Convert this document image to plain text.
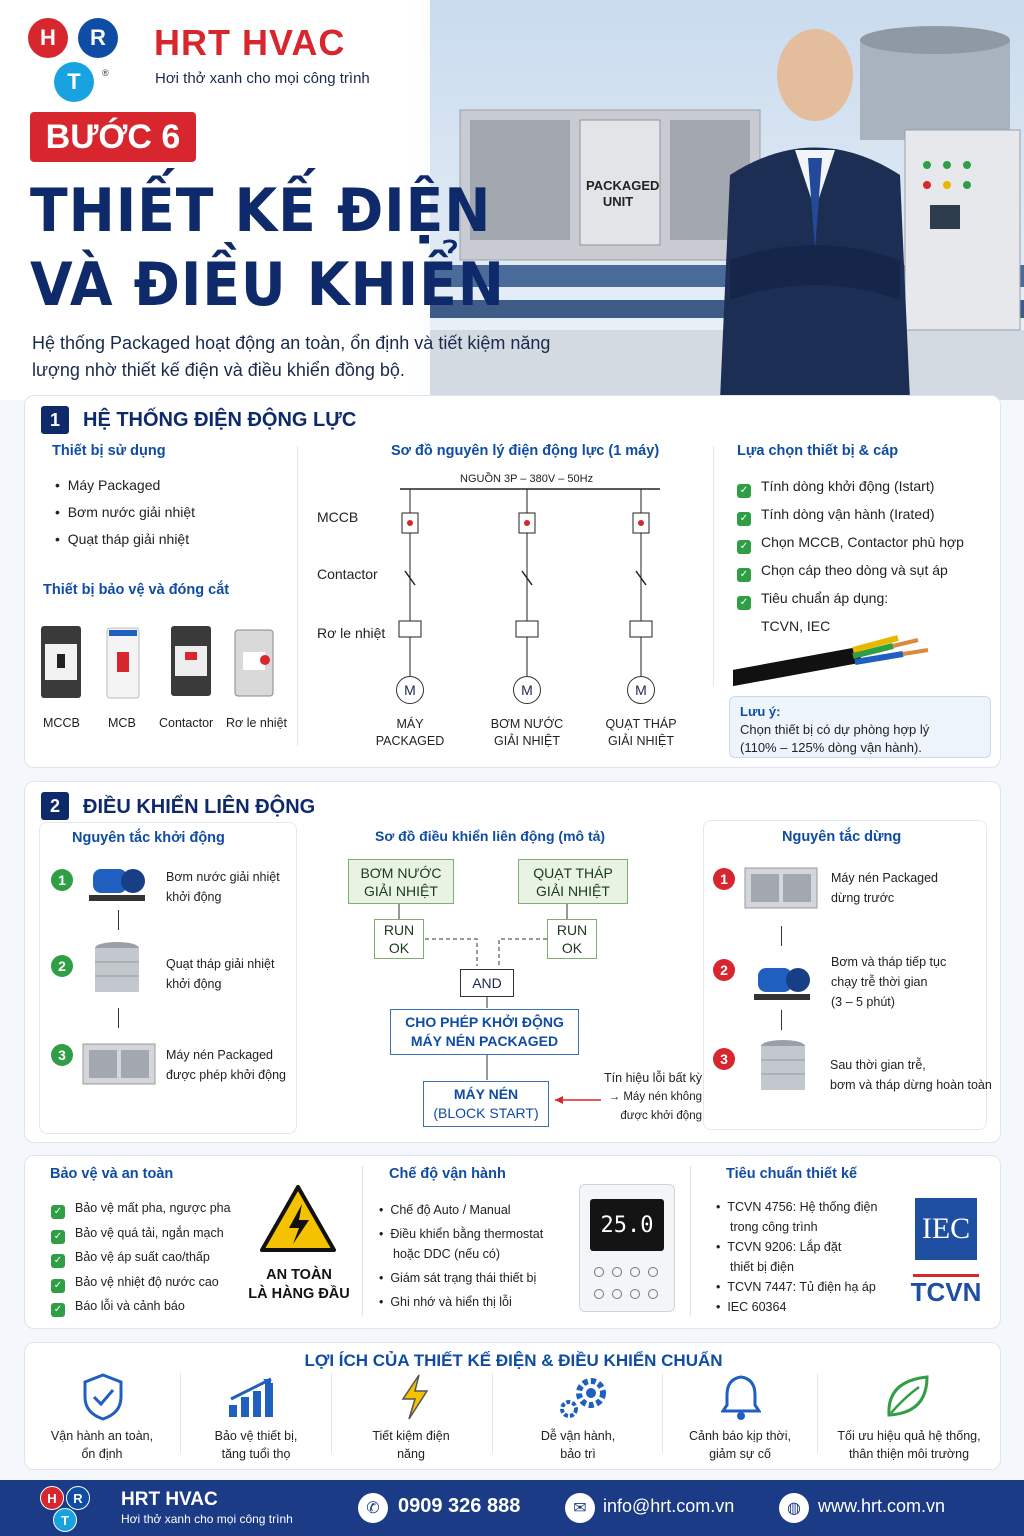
PACKAGED
UNIT
H	R
T	®
HRT HVAC
Hơi thở xanh cho mọi công trình
BƯỚC 6
THIẾT KẾ ĐIỆN
VÀ ĐIỀU KHIỂN
Hệ thống Packaged hoạt động an toàn, ổn định và tiết kiệm năng lượng nhờ thiết kế điện và điều khiển đồng bộ.
1	HỆ THỐNG ĐIỆN ĐỘNG LỰC
Thiết bị sử dụng
•  Máy Packaged
•  Bơm nước giải nhiệt
•  Quạt tháp giải nhiệt
Thiết bị bảo vệ và đóng cắt
MCCB MCB Contactor Rơ le nhiệt
Sơ đồ nguyên lý điện động lực (1 máy)
NGUỒN 3P – 380V – 50Hz
MCCB
Contactor
Rơ le nhiệt
M	M	M
MÁY
PACKAGED
BƠM NƯỚC
GIẢI NHIỆT
QUẠT THÁP
GIẢI NHIỆT
Lựa chọn thiết bị & cáp
✓ Tính dòng khởi động (Istart)
✓ Tính dòng vận hành (Irated)
✓ Chọn MCCB, Contactor phù hợp
✓ Chọn cáp theo dòng và sụt áp
✓ Tiêu chuẩn áp dụng:
TCVN, IEC
Lưu ý:
Chọn thiết bị có dự phòng hợp lý
(110% – 125% dòng vận hành).
2	ĐIỀU KHIỂN LIÊN ĐỘNG
Nguyên tắc khởi động
1	Bơm nước giải nhiệt
khởi động
2	Quạt tháp giải nhiệt
khởi động
3	Máy nén Packaged
được phép khởi động
Sơ đồ điều khiển liên động (mô tả)
BƠM NƯỚC
GIẢI NHIỆT
QUẠT THÁP
GIẢI NHIỆT
RUN
OK
RUN
OK
AND
CHO PHÉP KHỞI ĐỘNG
MÁY NÉN PACKAGED
MÁY NÉN
(BLOCK START)
Tín hiệu lỗi bất kỳ
→ Máy nén không
được khởi động
Nguyên tắc dừng
1	Máy nén Packaged
dừng trước
2	Bơm và tháp tiếp tục
chạy trễ thời gian
(3 – 5 phút)
3	Sau thời gian trễ,
bơm và tháp dừng hoàn toàn
Bảo vệ và an toàn
✓ Bảo vệ mất pha, ngược pha
✓ Bảo vệ quá tải, ngắn mạch
✓ Bảo vệ áp suất cao/thấp
✓ Bảo vệ nhiệt độ nước cao
✓ Báo lỗi và cảnh báo
AN TOÀN
LÀ HÀNG ĐẦU
Chế độ vận hành
•  Chế độ Auto / Manual
•  Điều khiển bằng thermostat
hoặc DDC (nếu có)
•  Giám sát trạng thái thiết bị
•  Ghi nhớ và hiển thị lỗi
25.0
Tiêu chuẩn thiết kế
•  TCVN 4756: Hệ thống điện
trong công trình
•  TCVN 9206: Lắp đặt
thiết bị điện
•  TCVN 7447: Tủ điện hạ áp
•  IEC 60364
IEC
TCVN
LỢI ÍCH CỦA THIẾT KẾ ĐIỆN & ĐIỀU KHIỂN CHUẨN
Vận hành an toàn,
ổn định
Bảo vệ thiết bị,
tăng tuổi thọ
Tiết kiệm điện
năng
Dễ vận hành,
bảo trì
Cảnh báo kịp thời,
giảm sự cố
Tối ưu hiệu quả hệ thống,
thân thiện môi trường
H	R
T
HRT HVAC
Hơi thở xanh cho mọi công trình
✆ 0909 326 888	✉ info@hrt.com.vn	◍ www.hrt.com.vn
